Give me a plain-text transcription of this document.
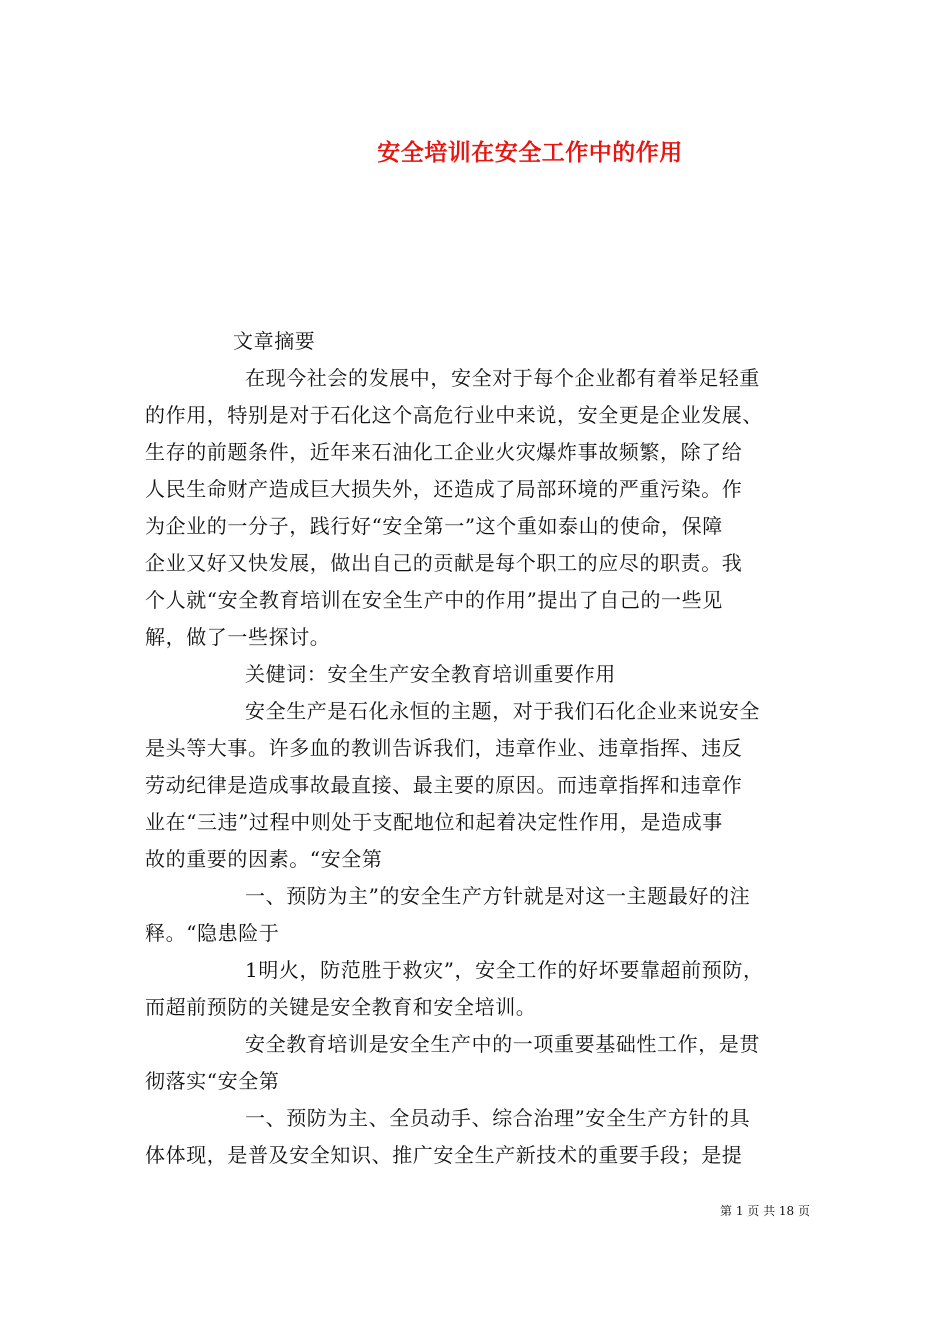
安全培训在安全工作中的作用
文章摘要
在现今社会的发展中，安全对于每个企业都有着举足轻重
的作用，特别是对于石化这个高危行业中来说，安全更是企业发展、
生存的前题条件，近年来石油化工企业火灾爆炸事故频繁，除了给
人民生命财产造成巨大损失外，还造成了局部环境的严重污染。作
为企业的一分子，践行好“安全第一”这个重如泰山的使命，保障
企业又好又快发展，做出自己的贡献是每个职工的应尽的职责。我
个人就“安全教育培训在安全生产中的作用”提出了自己的一些见
解，做了一些探讨。
关健词：安全生产安全教育培训重要作用
安全生产是石化永恒的主题，对于我们石化企业来说安全
是头等大事。许多血的教训告诉我们，违章作业、违章指挥、违反
劳动纪律是造成事故最直接、最主要的原因。而违章指挥和违章作
业在“三违”过程中则处于支配地位和起着决定性作用，是造成事
故的重要的因素。“安全第
一、预防为主”的安全生产方针就是对这一主题最好的注
释。“隐患险于
1明火，防范胜于救灾”，安全工作的好坏要靠超前预防，
而超前预防的关键是安全教育和安全培训。
安全教育培训是安全生产中的一项重要基础性工作，是贯
彻落实“安全第
一、预防为主、全员动手、综合治理”安全生产方针的具
体体现，是普及安全知识、推广安全生产新技术的重要手段；是提
第 1 页 共 18 页
